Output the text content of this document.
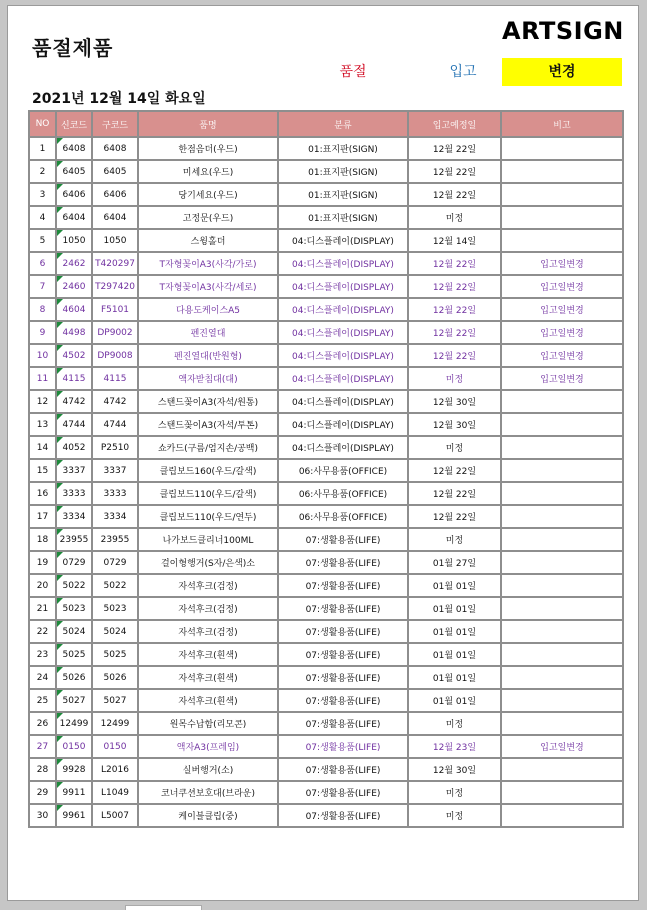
품절제품
ARTSIGN
품절	입고	변경
2021년 12월 14일 화요일
NO	신코드	구코드	품명	분류	입고예정일	비고
1	6408	6408	한점음더(우드)	01:표지판(SIGN)	12월 22일	
2	6405	6405	미세요(우드)	01:표지판(SIGN)	12월 22일	
3	6406	6406	당기세요(우드)	01:표지판(SIGN)	12월 22일	
4	6404	6404	고정문(우드)	01:표지판(SIGN)	미정	
5	1050	1050	스윙홀더	04:디스플레이(DISPLAY)	12월 14일	
6	2462	T420297	T자형꽂이A3(사각/가로)	04:디스플레이(DISPLAY)	12월 22일	입고일변경
7	2460	T297420	T자형꽂이A3(사각/세로)	04:디스플레이(DISPLAY)	12월 22일	입고일변경
8	4604	F5101	다용도케이스A5	04:디스플레이(DISPLAY)	12월 22일	입고일변경
9	4498	DP9002	펜진열대	04:디스플레이(DISPLAY)	12월 22일	입고일변경
10	4502	DP9008	펜진열대(반원형)	04:디스플레이(DISPLAY)	12월 22일	입고일변경
11	4115	4115	액자받침대(대)	04:디스플레이(DISPLAY)	미정	입고일변경
12	4742	4742	스탠드꽂이A3(자석/원통)	04:디스플레이(DISPLAY)	12월 30일	
13	4744	4744	스탠드꽂이A3(자석/투톤)	04:디스플레이(DISPLAY)	12월 30일	
14	4052	P2510	쇼카드(구름/엄지손/공백)	04:디스플레이(DISPLAY)	미정	
15	3337	3337	클립보드160(우드/갈색)	06:사무용품(OFFICE)	12월 22일	
16	3333	3333	클립보드110(우드/갈색)	06:사무용품(OFFICE)	12월 22일	
17	3334	3334	클립보드110(우드/연두)	06:사무용품(OFFICE)	12월 22일	
18	23955	23955	나가보드클리너100ML	07:생활용품(LIFE)	미정	
19	0729	0729	걸이형행거(S자/은색)소	07:생활용품(LIFE)	01월 27일	
20	5022	5022	자석후크(검정)	07:생활용품(LIFE)	01월 01일	
21	5023	5023	자석후크(검정)	07:생활용품(LIFE)	01월 01일	
22	5024	5024	자석후크(검정)	07:생활용품(LIFE)	01월 01일	
23	5025	5025	자석후크(흰색)	07:생활용품(LIFE)	01월 01일	
24	5026	5026	자석후크(흰색)	07:생활용품(LIFE)	01월 01일	
25	5027	5027	자석후크(흰색)	07:생활용품(LIFE)	01월 01일	
26	12499	12499	원목수납함(리모콘)	07:생활용품(LIFE)	미정	
27	0150	0150	액자A3(프레임)	07:생활용품(LIFE)	12월 23일	입고일변경
28	9928	L2016	실버행거(소)	07:생활용품(LIFE)	12월 30일	
29	9911	L1049	코너쿠션보호대(브라운)	07:생활용품(LIFE)	미정	
30	9961	L5007	케이블클립(중)	07:생활용품(LIFE)	미정	
